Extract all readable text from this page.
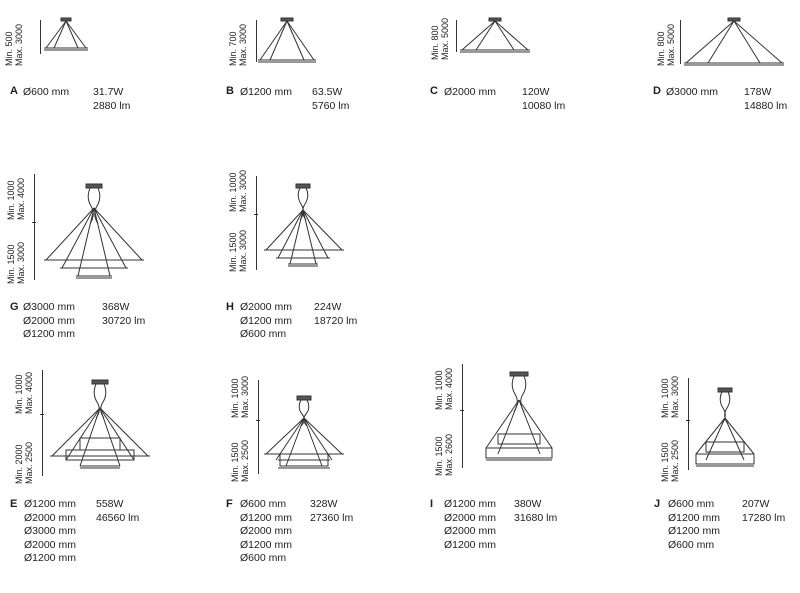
Min. 500 Max. 3000
A Ø600 mm 31.7W
2880 lm
Min. 700 Max. 3000
B Ø1200 mm 63.5W
5760 lm
Min. 800 Max. 5000
C Ø2000 mm 120W
10080 lm
Min. 800 Max. 5000
D Ø3000 mm 178W
14880 lm
Min. 1000 Max. 4000
Min. 1500 Max. 3000
G Ø3000 mm
Ø2000 mm
Ø1200 mm
368W
30720 lm
Min. 1000 Max. 3000
Min. 1500 Max. 3000
H Ø2000 mm
Ø1200 mm
Ø600 mm
224W
18720 lm
Min. 1000 Max. 4000
Min. 2000 Max. 2500
E Ø1200 mm
Ø2000 mm
Ø3000 mm
Ø2000 mm
Ø1200 mm
558W
46560 lm
Min. 1000 Max. 3000
Min. 1500 Max. 2500
F Ø600 mm
Ø1200 mm
Ø2000 mm
Ø1200 mm
Ø600 mm
328W
27360 lm
Min. 1000 Max. 4000
Min. 1500 Max. 2600
I Ø1200 mm
Ø2000 mm
Ø2000 mm
Ø1200 mm
380W
31680 lm
Min. 1000 Max. 3000
Min. 1500 Max. 2500
J Ø600 mm
Ø1200 mm
Ø1200 mm
Ø600 mm
207W
17280 lm
